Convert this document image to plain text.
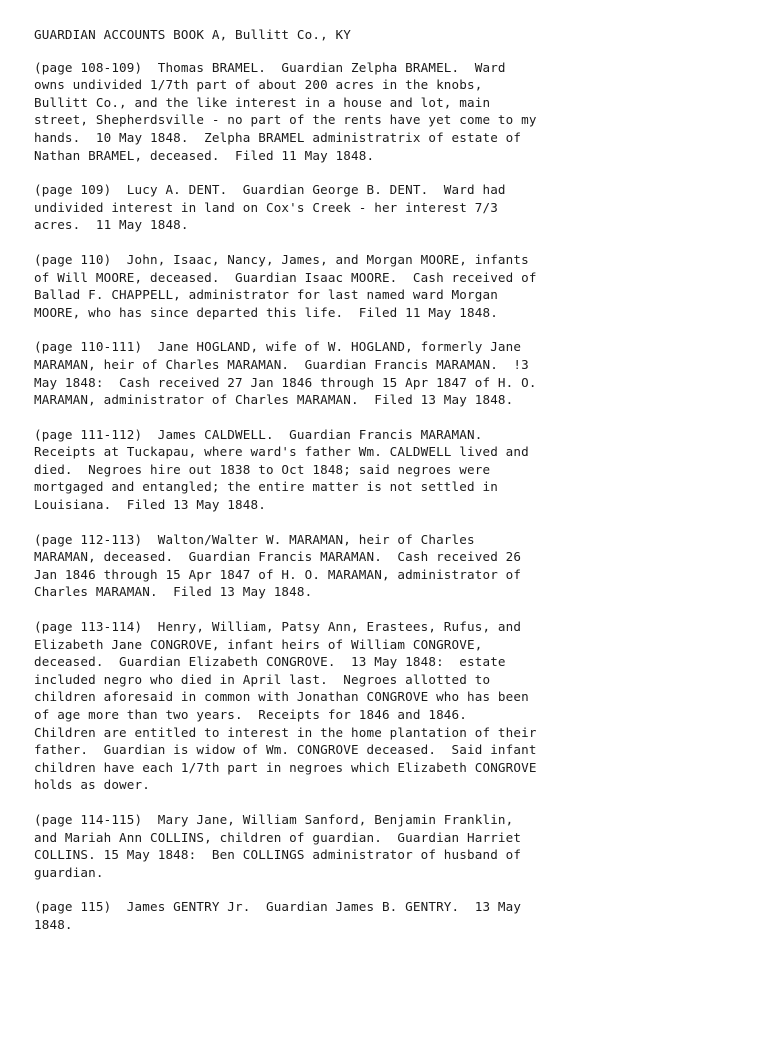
GUARDIAN ACCOUNTS BOOK A, Bullitt Co., KY
(page 108-109)  Thomas BRAMEL.  Guardian Zelpha BRAMEL.  Ward
owns undivided 1/7th part of about 200 acres in the knobs,
Bullitt Co., and the like interest in a house and lot, main
street, Shepherdsville - no part of the rents have yet come to my
hands.  10 May 1848.  Zelpha BRAMEL administratrix of estate of
Nathan BRAMEL, deceased.  Filed 11 May 1848.
(page 109)  Lucy A. DENT.  Guardian George B. DENT.  Ward had
undivided interest in land on Cox's Creek - her interest 7/3
acres.  11 May 1848.
(page 110)  John, Isaac, Nancy, James, and Morgan MOORE, infants
of Will MOORE, deceased.  Guardian Isaac MOORE.  Cash received of
Ballad F. CHAPPELL, administrator for last named ward Morgan
MOORE, who has since departed this life.  Filed 11 May 1848.
(page 110-111)  Jane HOGLAND, wife of W. HOGLAND, formerly Jane
MARAMAN, heir of Charles MARAMAN.  Guardian Francis MARAMAN.  !3
May 1848:  Cash received 27 Jan 1846 through 15 Apr 1847 of H. O.
MARAMAN, administrator of Charles MARAMAN.  Filed 13 May 1848.
(page 111-112)  James CALDWELL.  Guardian Francis MARAMAN.
Receipts at Tuckapau, where ward's father Wm. CALDWELL lived and
died.  Negroes hire out 1838 to Oct 1848; said negroes were
mortgaged and entangled; the entire matter is not settled in
Louisiana.  Filed 13 May 1848.
(page 112-113)  Walton/Walter W. MARAMAN, heir of Charles
MARAMAN, deceased.  Guardian Francis MARAMAN.  Cash received 26
Jan 1846 through 15 Apr 1847 of H. O. MARAMAN, administrator of
Charles MARAMAN.  Filed 13 May 1848.
(page 113-114)  Henry, William, Patsy Ann, Erastees, Rufus, and
Elizabeth Jane CONGROVE, infant heirs of William CONGROVE,
deceased.  Guardian Elizabeth CONGROVE.  13 May 1848:  estate
included negro who died in April last.  Negroes allotted to
children aforesaid in common with Jonathan CONGROVE who has been
of age more than two years.  Receipts for 1846 and 1846.
Children are entitled to interest in the home plantation of their
father.  Guardian is widow of Wm. CONGROVE deceased.  Said infant
children have each 1/7th part in negroes which Elizabeth CONGROVE
holds as dower.
(page 114-115)  Mary Jane, William Sanford, Benjamin Franklin,
and Mariah Ann COLLINS, children of guardian.  Guardian Harriet
COLLINS. 15 May 1848:  Ben COLLINGS administrator of husband of
guardian.
(page 115)  James GENTRY Jr.  Guardian James B. GENTRY.  13 May
1848.
